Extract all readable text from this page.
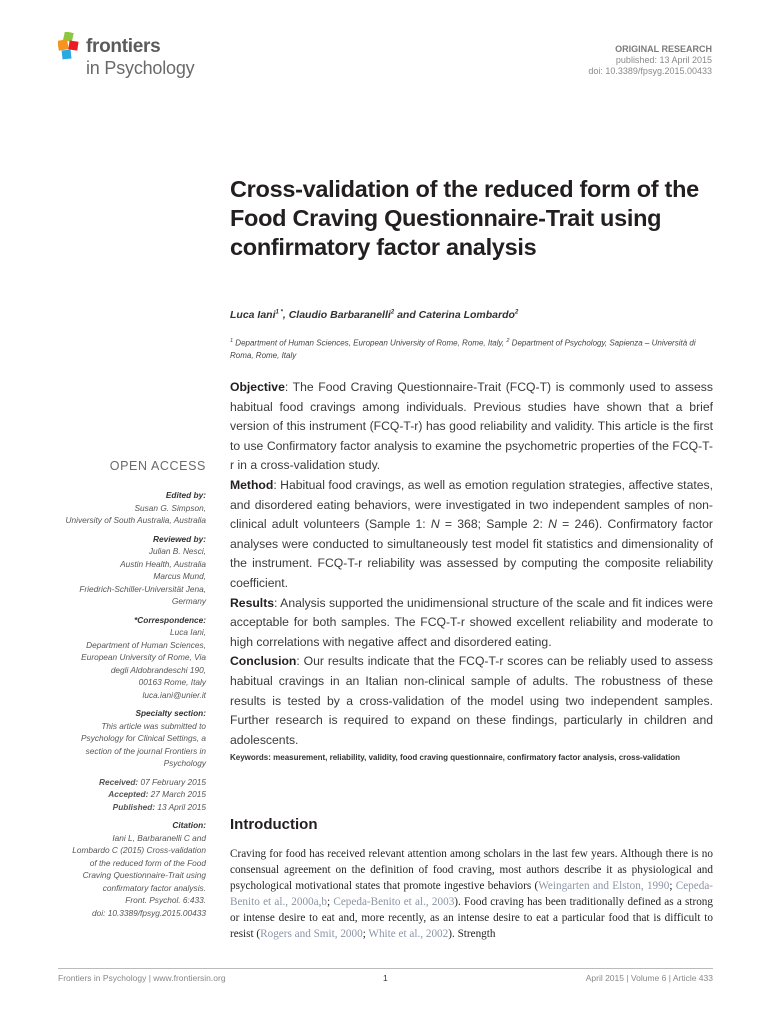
frontiers
in Psychology
ORIGINAL RESEARCH
published: 13 April 2015
doi: 10.3389/fpsyg.2015.00433
Cross-validation of the reduced form of the Food Craving Questionnaire-Trait using confirmatory factor analysis
Luca Iani$^{1 *}$, Claudio Barbaranelli$^2$ and Caterina Lombardo$^2$
$^1$ Department of Human Sciences, European University of Rome, Rome, Italy, $^2$ Department of Psychology, Sapienza – Università di Roma, Rome, Italy

Objective: The Food Craving Questionnaire-Trait (FCQ-T) is commonly used to assess habitual food cravings among individuals. Previous studies have shown that a brief version of this instrument (FCQ-T-r) has good reliability and validity. This article is the first to use Confirmatory factor analysis to examine the psychometric properties of the FCQ-T-r in a cross-validation study.

Method: Habitual food cravings, as well as emotion regulation strategies, affective states, and disordered eating behaviors, were investigated in two independent samples of non-clinical adult volunteers (Sample 1: N = 368; Sample 2: N = 246). Confirmatory factor analyses were conducted to simultaneously test model fit statistics and dimensionality of the instrument. FCQ-T-r reliability was assessed by computing the composite reliability coefficient.

Results: Analysis supported the unidimensional structure of the scale and fit indices were acceptable for both samples. The FCQ-T-r showed excellent reliability and moderate to high correlations with negative affect and disordered eating.

Conclusion: Our results indicate that the FCQ-T-r scores can be reliably used to assess habitual cravings in an Italian non-clinical sample of adults. The robustness of these results is tested by a cross-validation of the model using two independent samples. Further research is required to expand on these findings, particularly in children and adolescents.

Keywords: measurement, reliability, validity, food craving questionnaire, confirmatory factor analysis, cross-validation
Introduction

Craving for food has received relevant attention among scholars in the last few years. Although there is no consensual agreement on the definition of food craving, most authors describe it as physiological and psychological motivational states that promote ingestive behaviors (Weingarten and Elston, 1990; Cepeda-Benito et al., 2000a,b; Cepeda-Benito et al., 2003). Food craving has been traditionally defined as a strong or intense desire to eat and, more recently, as an intense desire to eat a particular food that is difficult to resist (Rogers and Smit, 2000; White et al., 2002). Strength

OPEN ACCESS
Edited by:
Susan G. Simpson,
University of South Australia, Australia
Reviewed by:
Julian B. Nesci,
Austin Health, Australia
Marcus Mund,
Friedrich-Schiller-Universität Jena,
Germany
*Correspondence:
Luca Iani,
Department of Human Sciences,
European University of Rome, Via
degli Aldobrandeschi 190,
00163 Rome, Italy
luca.iani@unier.it
Specialty section:
This article was submitted to
Psychology for Clinical Settings, a
section of the journal Frontiers in
Psychology
Received: 07 February 2015
Accepted: 27 March 2015
Published: 13 April 2015
Citation:
Iani L, Barbaranelli C and
Lombardo C (2015) Cross-validation
of the reduced form of the Food
Craving Questionnaire-Trait using
confirmatory factor analysis.
Front. Psychol. 6:433.
doi: 10.3389/fpsyg.2015.00433
Frontiers in Psychology | www.frontiersin.org	1	April 2015 | Volume 6 | Article 433
